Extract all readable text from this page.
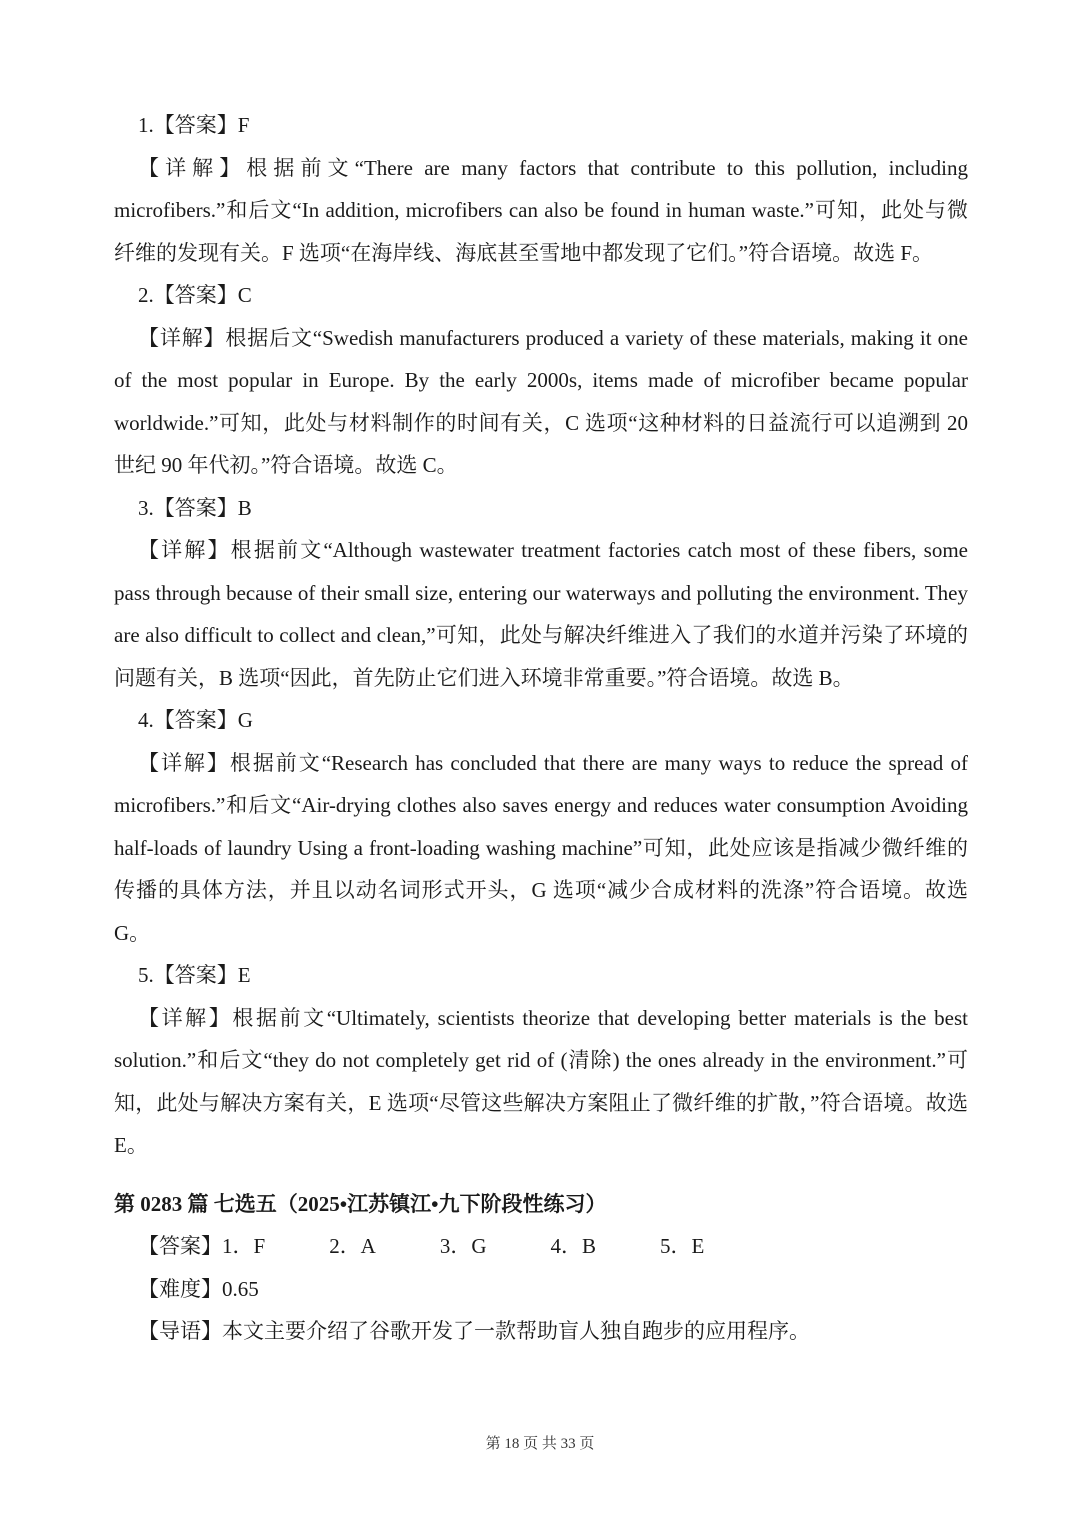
1.【答案】F

【详解】根据前文“There are many factors that contribute to this pollution, including microfibers.”和后文“In addition, microfibers can also be found in human waste.”可知，此处与微纤维的发现有关。F 选项“在海岸线、海底甚至雪地中都发现了它们。”符合语境。故选 F。

2.【答案】C

【详解】根据后文“Swedish manufacturers produced a variety of these materials, making it one of the most popular in Europe. By the early 2000s, items made of microfiber became popular worldwide.”可知，此处与材料制作的时间有关，C 选项“这种材料的日益流行可以追溯到 20 世纪 90 年代初。”符合语境。故选 C。

3.【答案】B

【详解】根据前文“Although wastewater treatment factories catch most of these fibers, some pass through because of their small size, entering our waterways and polluting the environment. They are also difficult to collect and clean,”可知，此处与解决纤维进入了我们的水道并污染了环境的问题有关，B 选项“因此，首先防止它们进入环境非常重要。”符合语境。故选 B。

4.【答案】G

【详解】根据前文“Research has concluded that there are many ways to reduce the spread of microfibers.”和后文“Air-drying clothes also saves energy and reduces water consumption Avoiding half-loads of laundry Using a front-loading washing machine”可知，此处应该是指减少微纤维的传播的具体方法，并且以动名词形式开头，G 选项“减少合成材料的洗涤”符合语境。故选 G。

5.【答案】E

【详解】根据前文“Ultimately, scientists theorize that developing better materials is the best solution.”和后文“they do not completely get rid of (清除) the ones already in the environment.”可知，此处与解决方案有关，E 选项“尽管这些解决方案阻止了微纤维的扩散，”符合语境。故选 E。

第 0283 篇 七选五（2025•江苏镇江•九下阶段性练习）

【答案】1．F	2．A	3．G	4．B	5．E

【难度】0.65

【导语】本文主要介绍了谷歌开发了一款帮助盲人独自跑步的应用程序。

第 18 页 共 33 页
